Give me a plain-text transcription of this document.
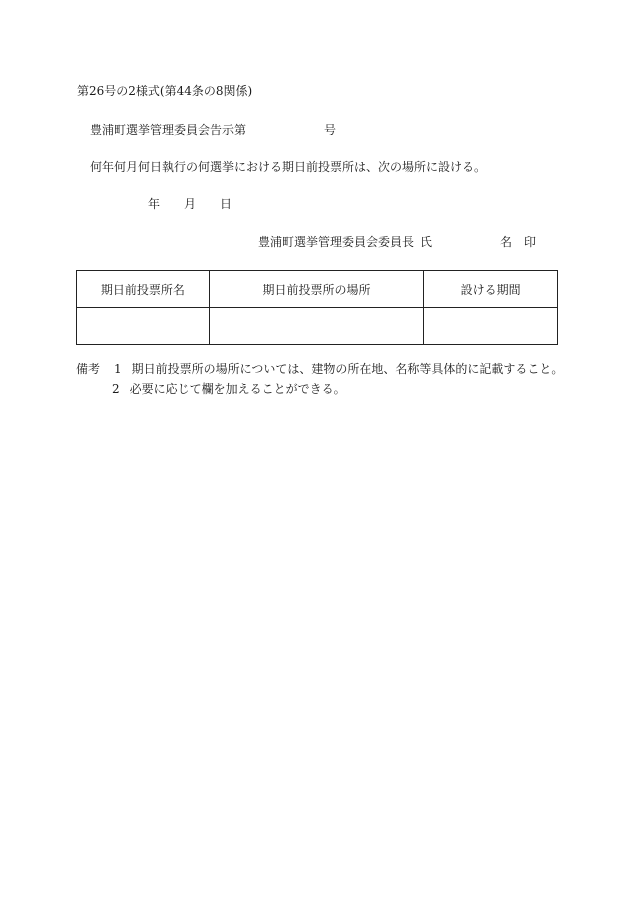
第26号の2様式(第44条の8関係)
豊浦町選挙管理委員会告示第	号
何年何月何日執行の何選挙における期日前投票所は、次の場所に設ける。
年 月 日
豊浦町選挙管理委員会委員長 氏	名 印
期日前投票所名	期日前投票所の場所	設ける期間

備考 1 期日前投票所の場所については、建物の所在地、名称等具体的に記載すること。
2 必要に応じて欄を加えることができる。
